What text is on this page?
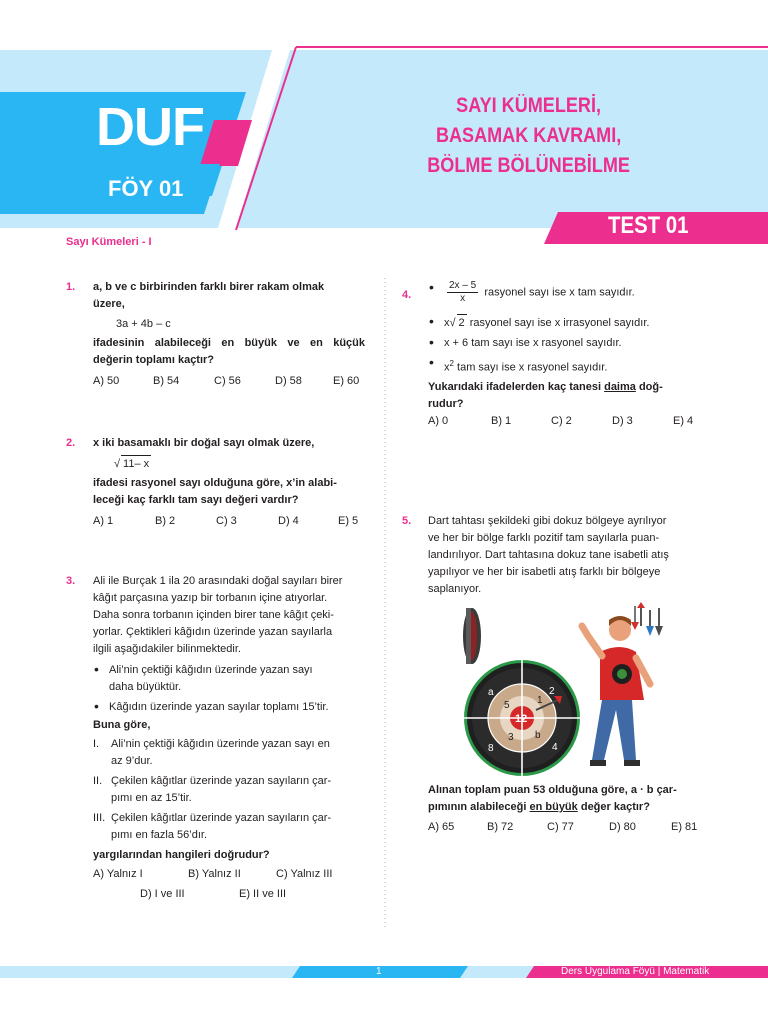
DUF
FÖY 01
SAYI KÜMELERİ,
BASAMAK KAVRAMI,
BÖLME BÖLÜNEBİLME
TEST 01
Sayı Kümeleri - I
1. a, b ve c birbirinden farklı birer rakam olmak
üzere,
3a + 4b – c
ifadesinin alabileceği en büyük ve en küçük
değerin toplamı kaçtır?
A) 50	B) 54	C) 56	D) 58	E) 60
2. x iki basamaklı bir doğal sayı olmak üzere,
√ 11– x
ifadesi rasyonel sayı olduğuna göre, x’in alabi-
leceği kaç farklı tam sayı değeri vardır?
A) 1	B) 2	C) 3	D) 4	E) 5
3. Ali ile Burçak 1 ila 20 arasındaki doğal sayıları birer
kâğıt parçasına yazıp bir torbanın içine atıyorlar.
Daha sonra torbanın içinden birer tane kâğıt çeki-
yorlar. Çektikleri kâğıdın üzerinde yazan sayılarla
ilgili aşağıdakiler bilinmektedir.
• Ali’nin çektiği kâğıdın üzerinde yazan sayı
daha büyüktür.
• Kâğıdın üzerinde yazan sayılar toplamı 15’tir.
Buna göre,
I. Ali’nin çektiği kâğıdın üzerinde yazan sayı en
az 9’dur.
II. Çekilen kâğıtlar üzerinde yazan sayıların çar-
pımı en az 15’tir.
III. Çekilen kâğıtlar üzerinde yazan sayıların çar-
pımı en fazla 56’dır.
yargılarından hangileri doğrudur?
A) Yalnız I	B) Yalnız II	C) Yalnız III
D) I ve III	E) II ve III
4.	• $\frac{2x - 5}{x}$ rasyonel sayı ise x tam sayıdır.
• x√ 2 rasyonel sayı ise x irrasyonel sayıdır.
• x + 6 tam sayı ise x rasyonel sayıdır.
• $x^2$ tam sayı ise x rasyonel sayıdır.
Yukarıdaki ifadelerden kaç tanesi daima doğ-
rudur?
A) 0	B) 1	C) 2	D) 3	E) 4
5. Dart tahtası şekildeki gibi dokuz bölgeye ayrılıyor
ve her bir bölge farklı pozitif tam sayılarla puan-
landırılıyor. Dart tahtasına dokuz tane isabetli atış
yapılıyor ve her bir isabetli atış farklı bir bölgeye
saplanıyor.
a	2
5	1
12
3 b
8	4
Alınan toplam puan 53 olduğuna göre, a · b çar-
pımının alabileceği en büyük değer kaçtır?
A) 65	B) 72	C) 77	D) 80	E) 81
1	Ders Uygulama Föyü | Matematik
